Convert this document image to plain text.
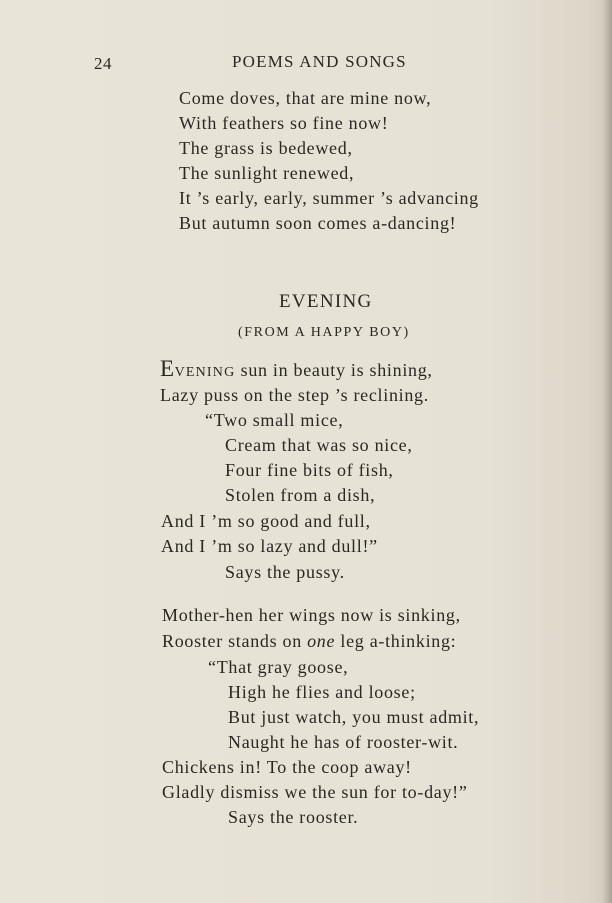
24	POEMS AND SONGS
Come doves, that are mine now,
With feathers so fine now!
The grass is bedewed,
The sunlight renewed,
It ’s early, early, summer ’s advancing
But autumn soon comes a-dancing!
EVENING
(FROM A HAPPY BOY)
EVENING sun in beauty is shining,
Lazy puss on the step ’s reclining.
“Two small mice,
Cream that was so nice,
Four fine bits of fish,
Stolen from a dish,
And I ’m so good and full,
And I ’m so lazy and dull!”
Says the pussy.
Mother-hen her wings now is sinking,
Rooster stands on one leg a-thinking:
“That gray goose,
High he flies and loose;
But just watch, you must admit,
Naught he has of rooster-wit.
Chickens in! To the coop away!
Gladly dismiss we the sun for to-day!”
Says the rooster.
